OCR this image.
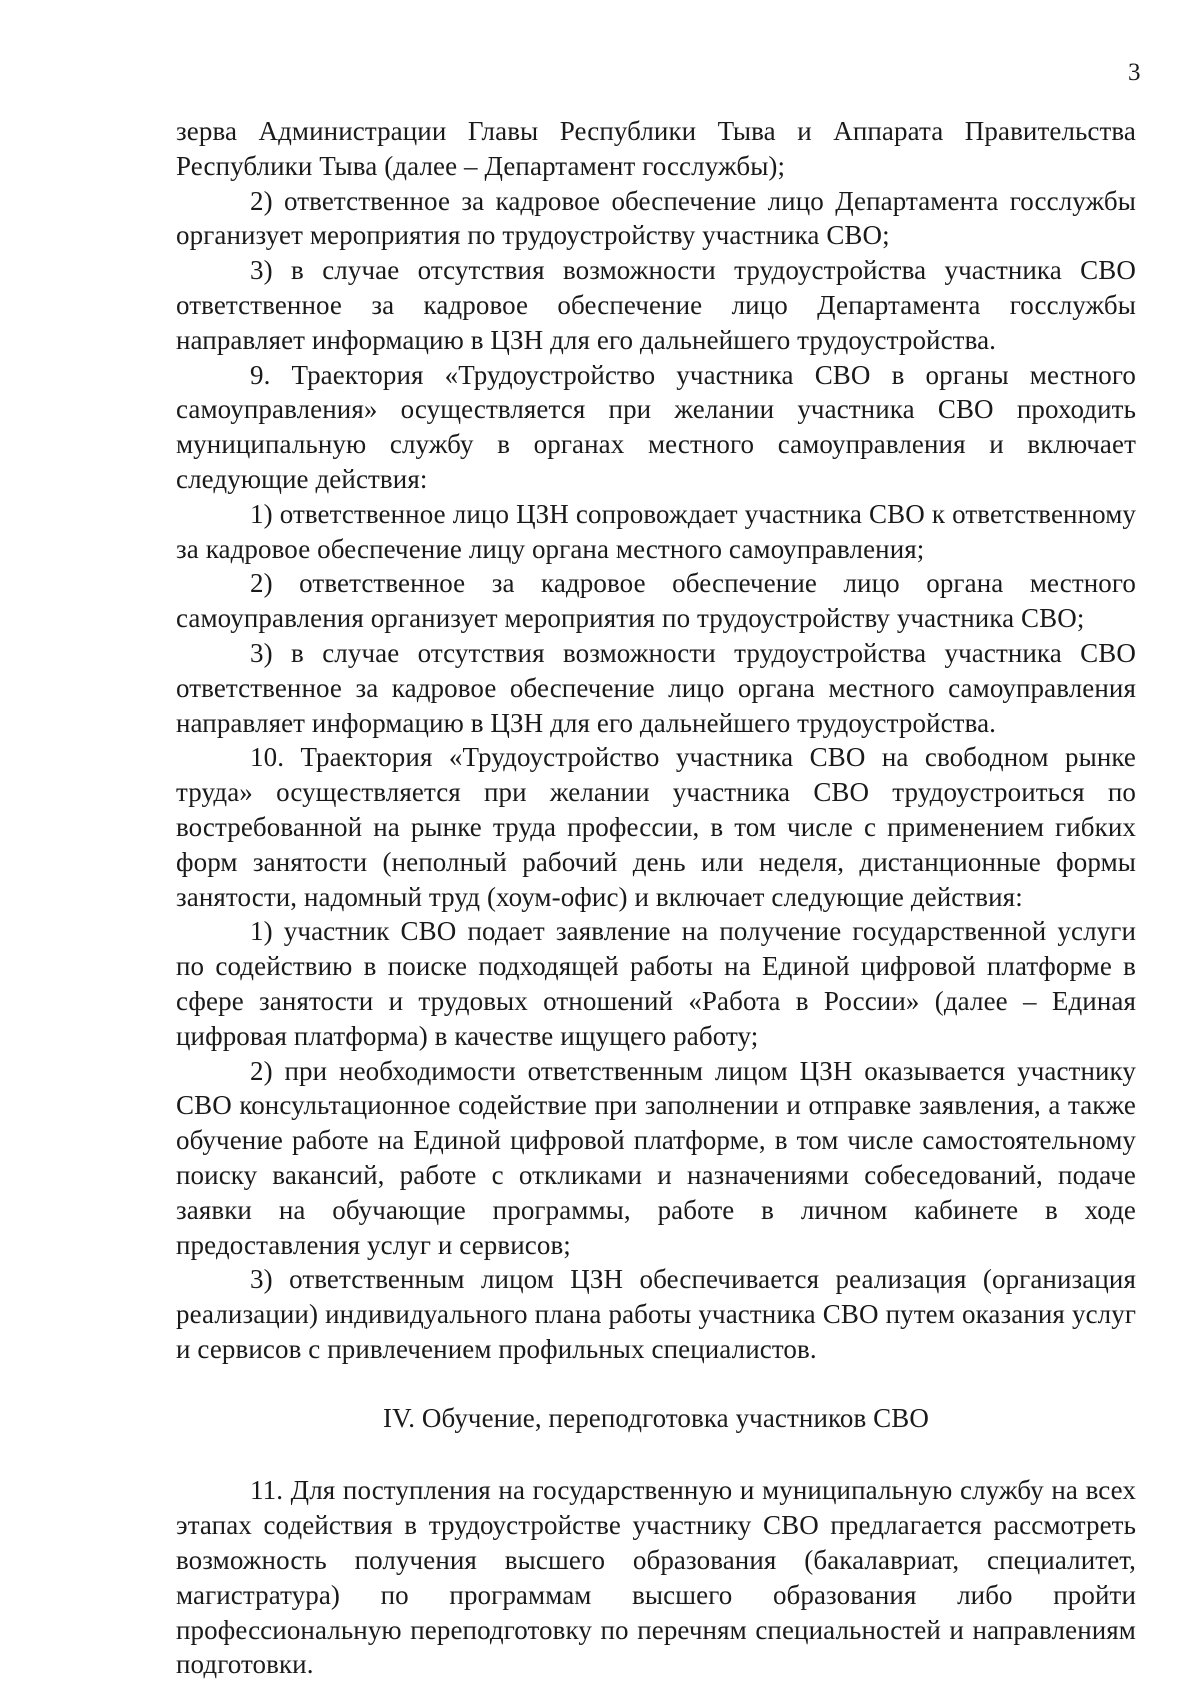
3

зерва Администрации Главы Республики Тыва и Аппарата Правительства Республики Тыва (далее – Департамент госслужбы);

2) ответственное за кадровое обеспечение лицо Департамента госслужбы организует мероприятия по трудоустройству участника СВО;

3) в случае отсутствия возможности трудоустройства участника СВО ответственное за кадровое обеспечение лицо Департамента госслужбы направляет информацию в ЦЗН для его дальнейшего трудоустройства.

9. Траектория «Трудоустройство участника СВО в органы местного самоуправления» осуществляется при желании участника СВО проходить муниципальную службу в органах местного самоуправления и включает следующие действия:

1) ответственное лицо ЦЗН сопровождает участника СВО к ответственному за кадровое обеспечение лицу органа местного самоуправления;

2) ответственное за кадровое обеспечение лицо органа местного самоуправления организует мероприятия по трудоустройству участника СВО;

3) в случае отсутствия возможности трудоустройства участника СВО ответственное за кадровое обеспечение лицо органа местного самоуправления направляет информацию в ЦЗН для его дальнейшего трудоустройства.

10. Траектория «Трудоустройство участника СВО на свободном рынке труда» осуществляется при желании участника СВО трудоустроиться по востребованной на рынке труда профессии, в том числе с применением гибких форм занятости (неполный рабочий день или неделя, дистанционные формы занятости, надомный труд (хоум-офис) и включает следующие действия:

1) участник СВО подает заявление на получение государственной услуги по содействию в поиске подходящей работы на Единой цифровой платформе в сфере занятости и трудовых отношений «Работа в России» (далее – Единая цифровая платформа) в качестве ищущего работу;

2) при необходимости ответственным лицом ЦЗН оказывается участнику СВО консультационное содействие при заполнении и отправке заявления, а также обучение работе на Единой цифровой платформе, в том числе самостоятельному поиску вакансий, работе с откликами и назначениями собеседований, подаче заявки на обучающие программы, работе в личном кабинете в ходе предоставления услуг и сервисов;

3) ответственным лицом ЦЗН обеспечивается реализация (организация реализации) индивидуального плана работы участника СВО путем оказания услуг и сервисов с привлечением профильных специалистов.

IV. Обучение, переподготовка участников СВО

11. Для поступления на государственную и муниципальную службу на всех этапах содействия в трудоустройстве участнику СВО предлагается рассмотреть возможность получения высшего образования (бакалавриат, специалитет, магистратура) по программам высшего образования либо пройти профессиональную переподготовку по перечням специальностей и направлениям подготовки.
